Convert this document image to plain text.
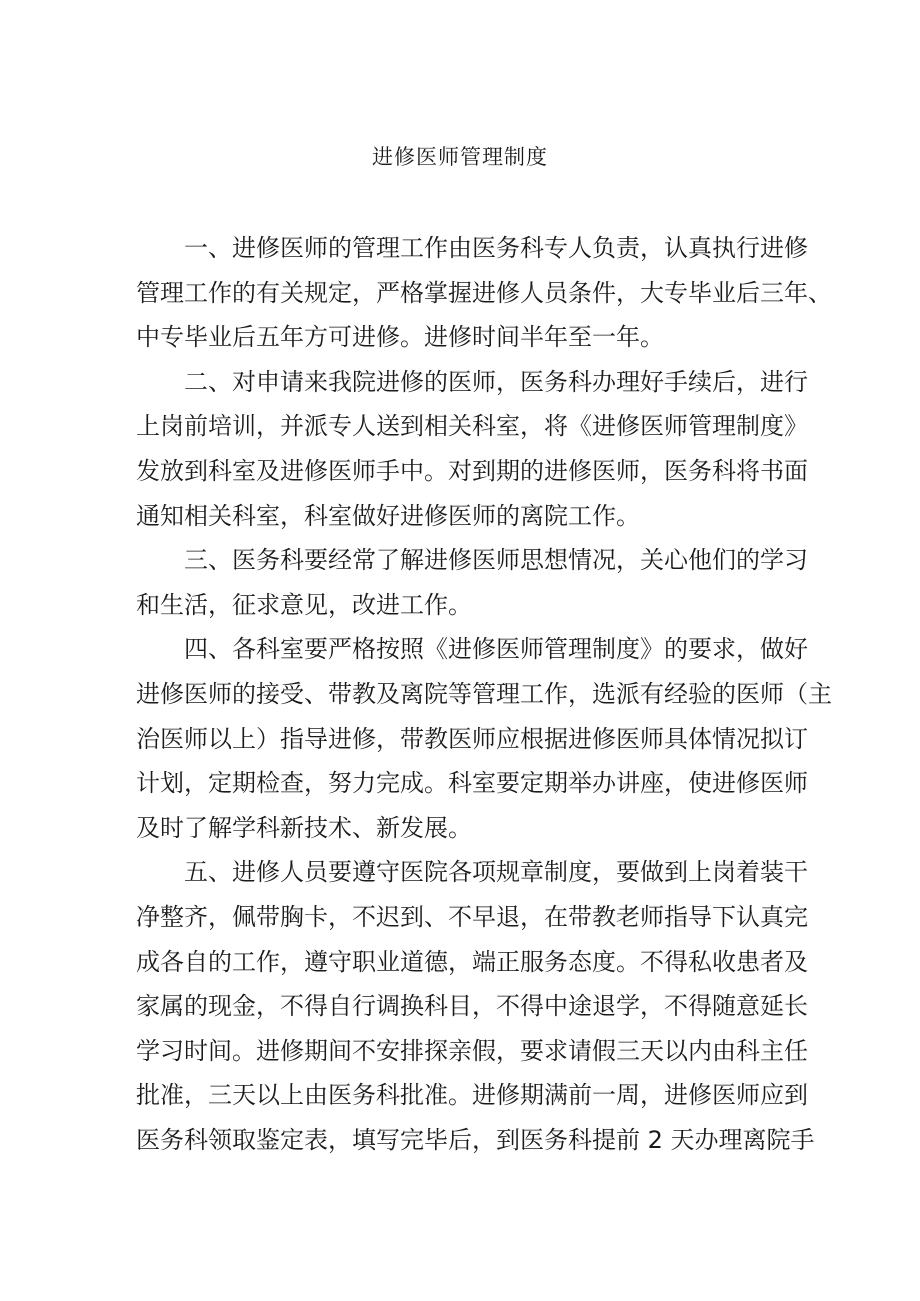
进修医师管理制度

一、进修医师的管理工作由医务科专人负责，认真执行进修
管理工作的有关规定，严格掌握进修人员条件，大专毕业后三年、
中专毕业后五年方可进修。进修时间半年至一年。

二、对申请来我院进修的医师，医务科办理好手续后，进行
上岗前培训，并派专人送到相关科室，将《进修医师管理制度》
发放到科室及进修医师手中。对到期的进修医师，医务科将书面
通知相关科室，科室做好进修医师的离院工作。

三、医务科要经常了解进修医师思想情况，关心他们的学习
和生活，征求意见，改进工作。

四、各科室要严格按照《进修医师管理制度》的要求，做好
进修医师的接受、带教及离院等管理工作，选派有经验的医师（主
治医师以上）指导进修，带教医师应根据进修医师具体情况拟订
计划，定期检查，努力完成。科室要定期举办讲座，使进修医师
及时了解学科新技术、新发展。

五、进修人员要遵守医院各项规章制度，要做到上岗着装干
净整齐，佩带胸卡，不迟到、不早退，在带教老师指导下认真完
成各自的工作，遵守职业道德，端正服务态度。不得私收患者及
家属的现金，不得自行调换科目，不得中途退学，不得随意延长
学习时间。进修期间不安排探亲假，要求请假三天以内由科主任
批准，三天以上由医务科批准。进修期满前一周，进修医师应到
医务科领取鉴定表，填写完毕后，到医务科提前 2 天办理离院手
